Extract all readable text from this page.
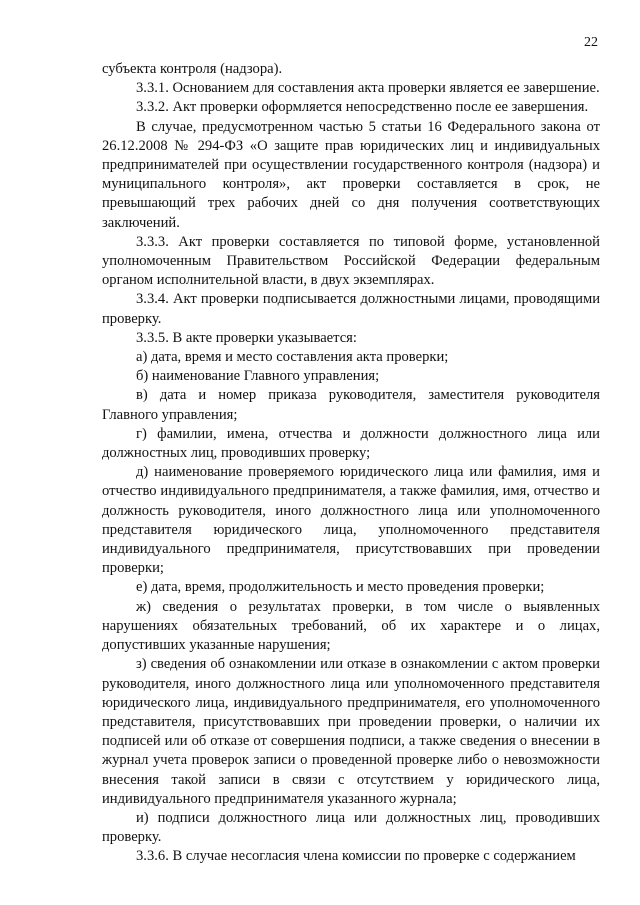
22

субъекта контроля (надзора).

3.3.1. Основанием для составления акта проверки является ее завершение.

3.3.2. Акт проверки оформляется непосредственно после ее завершения.

В случае, предусмотренном частью 5 статьи 16 Федерального закона от 26.12.2008 № 294-ФЗ «О защите прав юридических лиц и индивидуальных предпринимателей при осуществлении государственного контроля (надзора) и муниципального контроля», акт проверки составляется в срок, не превышающий трех рабочих дней со дня получения соответствующих заключений.

3.3.3. Акт проверки составляется по типовой форме, установленной уполномоченным Правительством Российской Федерации федеральным органом исполнительной власти, в двух экземплярах.

3.3.4. Акт проверки подписывается должностными лицами, проводящими проверку.

3.3.5. В акте проверки указывается:

а) дата, время и место составления акта проверки;

б) наименование Главного управления;

в) дата и номер приказа руководителя, заместителя руководителя Главного управления;

г) фамилии, имена, отчества и должности должностного лица или должностных лиц, проводивших проверку;

д) наименование проверяемого юридического лица или фамилия, имя и отчество индивидуального предпринимателя, а также фамилия, имя, отчество и должность руководителя, иного должностного лица или уполномоченного представителя юридического лица, уполномоченного представителя индивидуального предпринимателя, присутствовавших при проведении проверки;

е) дата, время, продолжительность и место проведения проверки;

ж) сведения о результатах проверки, в том числе о выявленных нарушениях обязательных требований, об их характере и о лицах, допустивших указанные нарушения;

з) сведения об ознакомлении или отказе в ознакомлении с актом проверки руководителя, иного должностного лица или уполномоченного представителя юридического лица, индивидуального предпринимателя, его уполномоченного представителя, присутствовавших при проведении проверки, о наличии их подписей или об отказе от совершения подписи, а также сведения о внесении в журнал учета проверок записи о проведенной проверке либо о невозможности внесения такой записи в связи с отсутствием у юридического лица, индивидуального предпринимателя указанного журнала;

и) подписи должностного лица или должностных лиц, проводивших проверку.

3.3.6. В случае несогласия члена комиссии по проверке с содержанием
